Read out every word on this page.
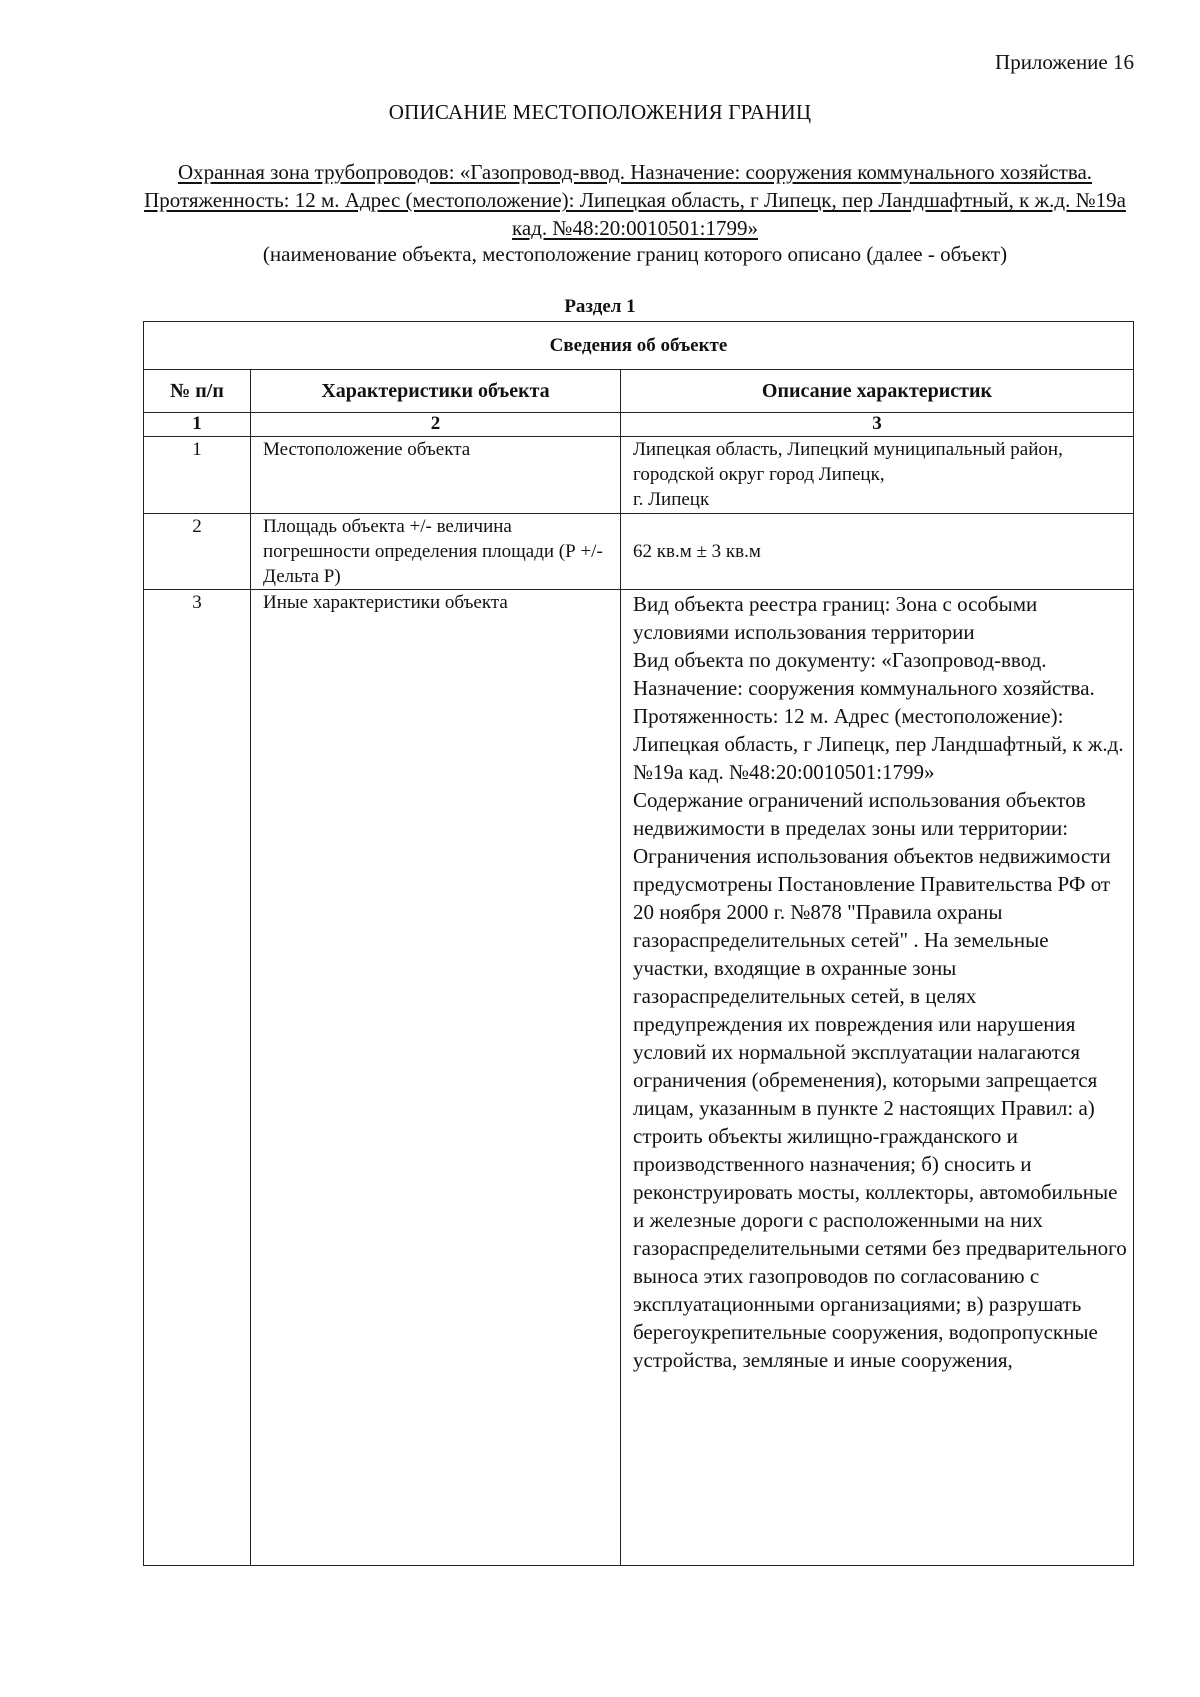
Приложение 16
ОПИСАНИЕ МЕСТОПОЛОЖЕНИЯ ГРАНИЦ
Охранная зона трубопроводов: «Газопровод-ввод. Назначение: сооружения коммунального хозяйства. Протяженность: 12 м. Адрес (местоположение): Липецкая область, г Липецк, пер Ландшафтный, к ж.д. №19а кад. №48:20:0010501:1799»
(наименование объекта, местоположение границ которого описано (далее - объект)
Раздел 1
Сведения об объекте		
№ п/п	Характеристики объекта	Описание характеристик
1	2	3
1	Местоположение объекта	Липецкая область, Липецкий муниципальный район, городской округ город Липецк,
г. Липецк
2	Площадь объекта +/- величина погрешности определения площади (Р +/- Дельта Р)	62 кв.м ± 3 кв.м
3	Иные характеристики объекта	Вид объекта реестра границ: Зона с особыми условиями использования территории
Вид объекта по документу: «Газопровод-ввод. Назначение: сооружения коммунального хозяйства. Протяженность: 12 м. Адрес (местоположение): Липецкая область, г Липецк, пер Ландшафтный, к ж.д. №19а кад. №48:20:0010501:1799»
Содержание ограничений использования объектов недвижимости в пределах зоны или территории: Ограничения использования объектов недвижимости предусмотрены Постановление Правительства РФ от 20 ноября 2000 г. №878 "Правила охраны газораспределительных сетей" . На земельные участки, входящие в охранные зоны газораспределительных сетей, в целях предупреждения их повреждения или нарушения условий их нормальной эксплуатации налагаются ограничения (обременения), которыми запрещается лицам, указанным в пункте 2 настоящих Правил: а) строить объекты жилищно-гражданского и производственного назначения; б) сносить и реконструировать мосты, коллекторы, автомобильные и железные дороги с расположенными на них газораспределительными сетями без предварительного выноса этих газопроводов по согласованию с эксплуатационными организациями; в) разрушать берегоукрепительные сооружения, водопропускные устройства, земляные и иные сооружения,
